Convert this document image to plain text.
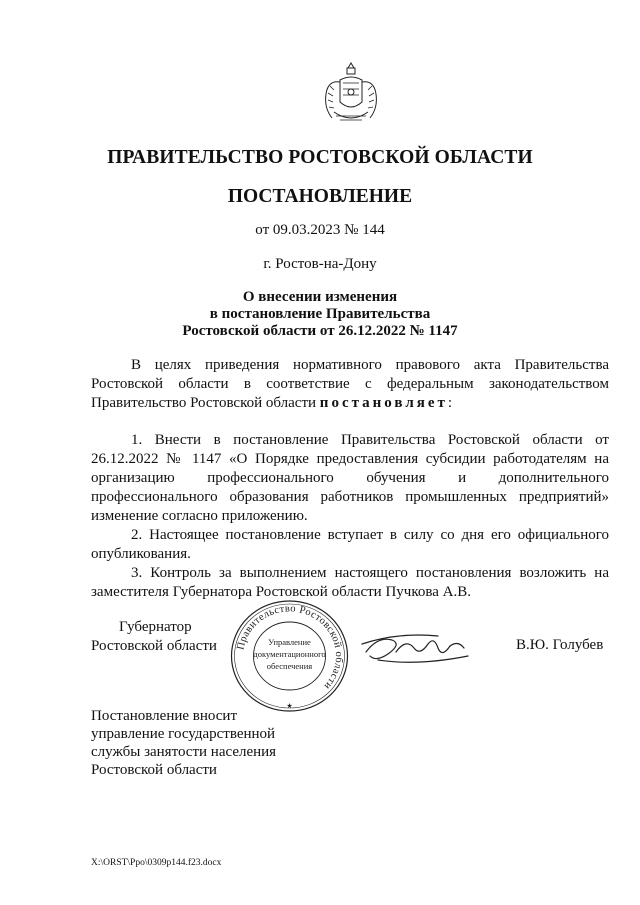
ПРАВИТЕЛЬСТВО РОСТОВСКОЙ ОБЛАСТИ
ПОСТАНОВЛЕНИЕ
от 09.03.2023 № 144
г. Ростов-на-Дону
О внесении изменения
в постановление Правительства
Ростовской области от 26.12.2022 № 1147

В целях приведения нормативного правового акта Правительства Ростовской области в соответствие с федеральным законодательством Правительство Ростовской области постановляет:

1. Внести в постановление Правительства Ростовской области от 26.12.2022 № 1147 «О Порядке предоставления субсидии работодателям на организацию профессионального обучения и дополнительного профессионального образования работников промышленных предприятий» изменение согласно приложению.

2. Настоящее постановление вступает в силу со дня его официального опубликования.

3. Контроль за выполнением настоящего постановления возложить на заместителя Губернатора Ростовской области Пучкова А.В.

Губернатор
Ростовской области Правительство Ростовской области
Управление
документационного
обеспечения
★
В.Ю. Голубев
Постановление вносит
управление государственной
службы занятости населения
Ростовской области
X:\ORST\Ppo\0309p144.f23.docx
